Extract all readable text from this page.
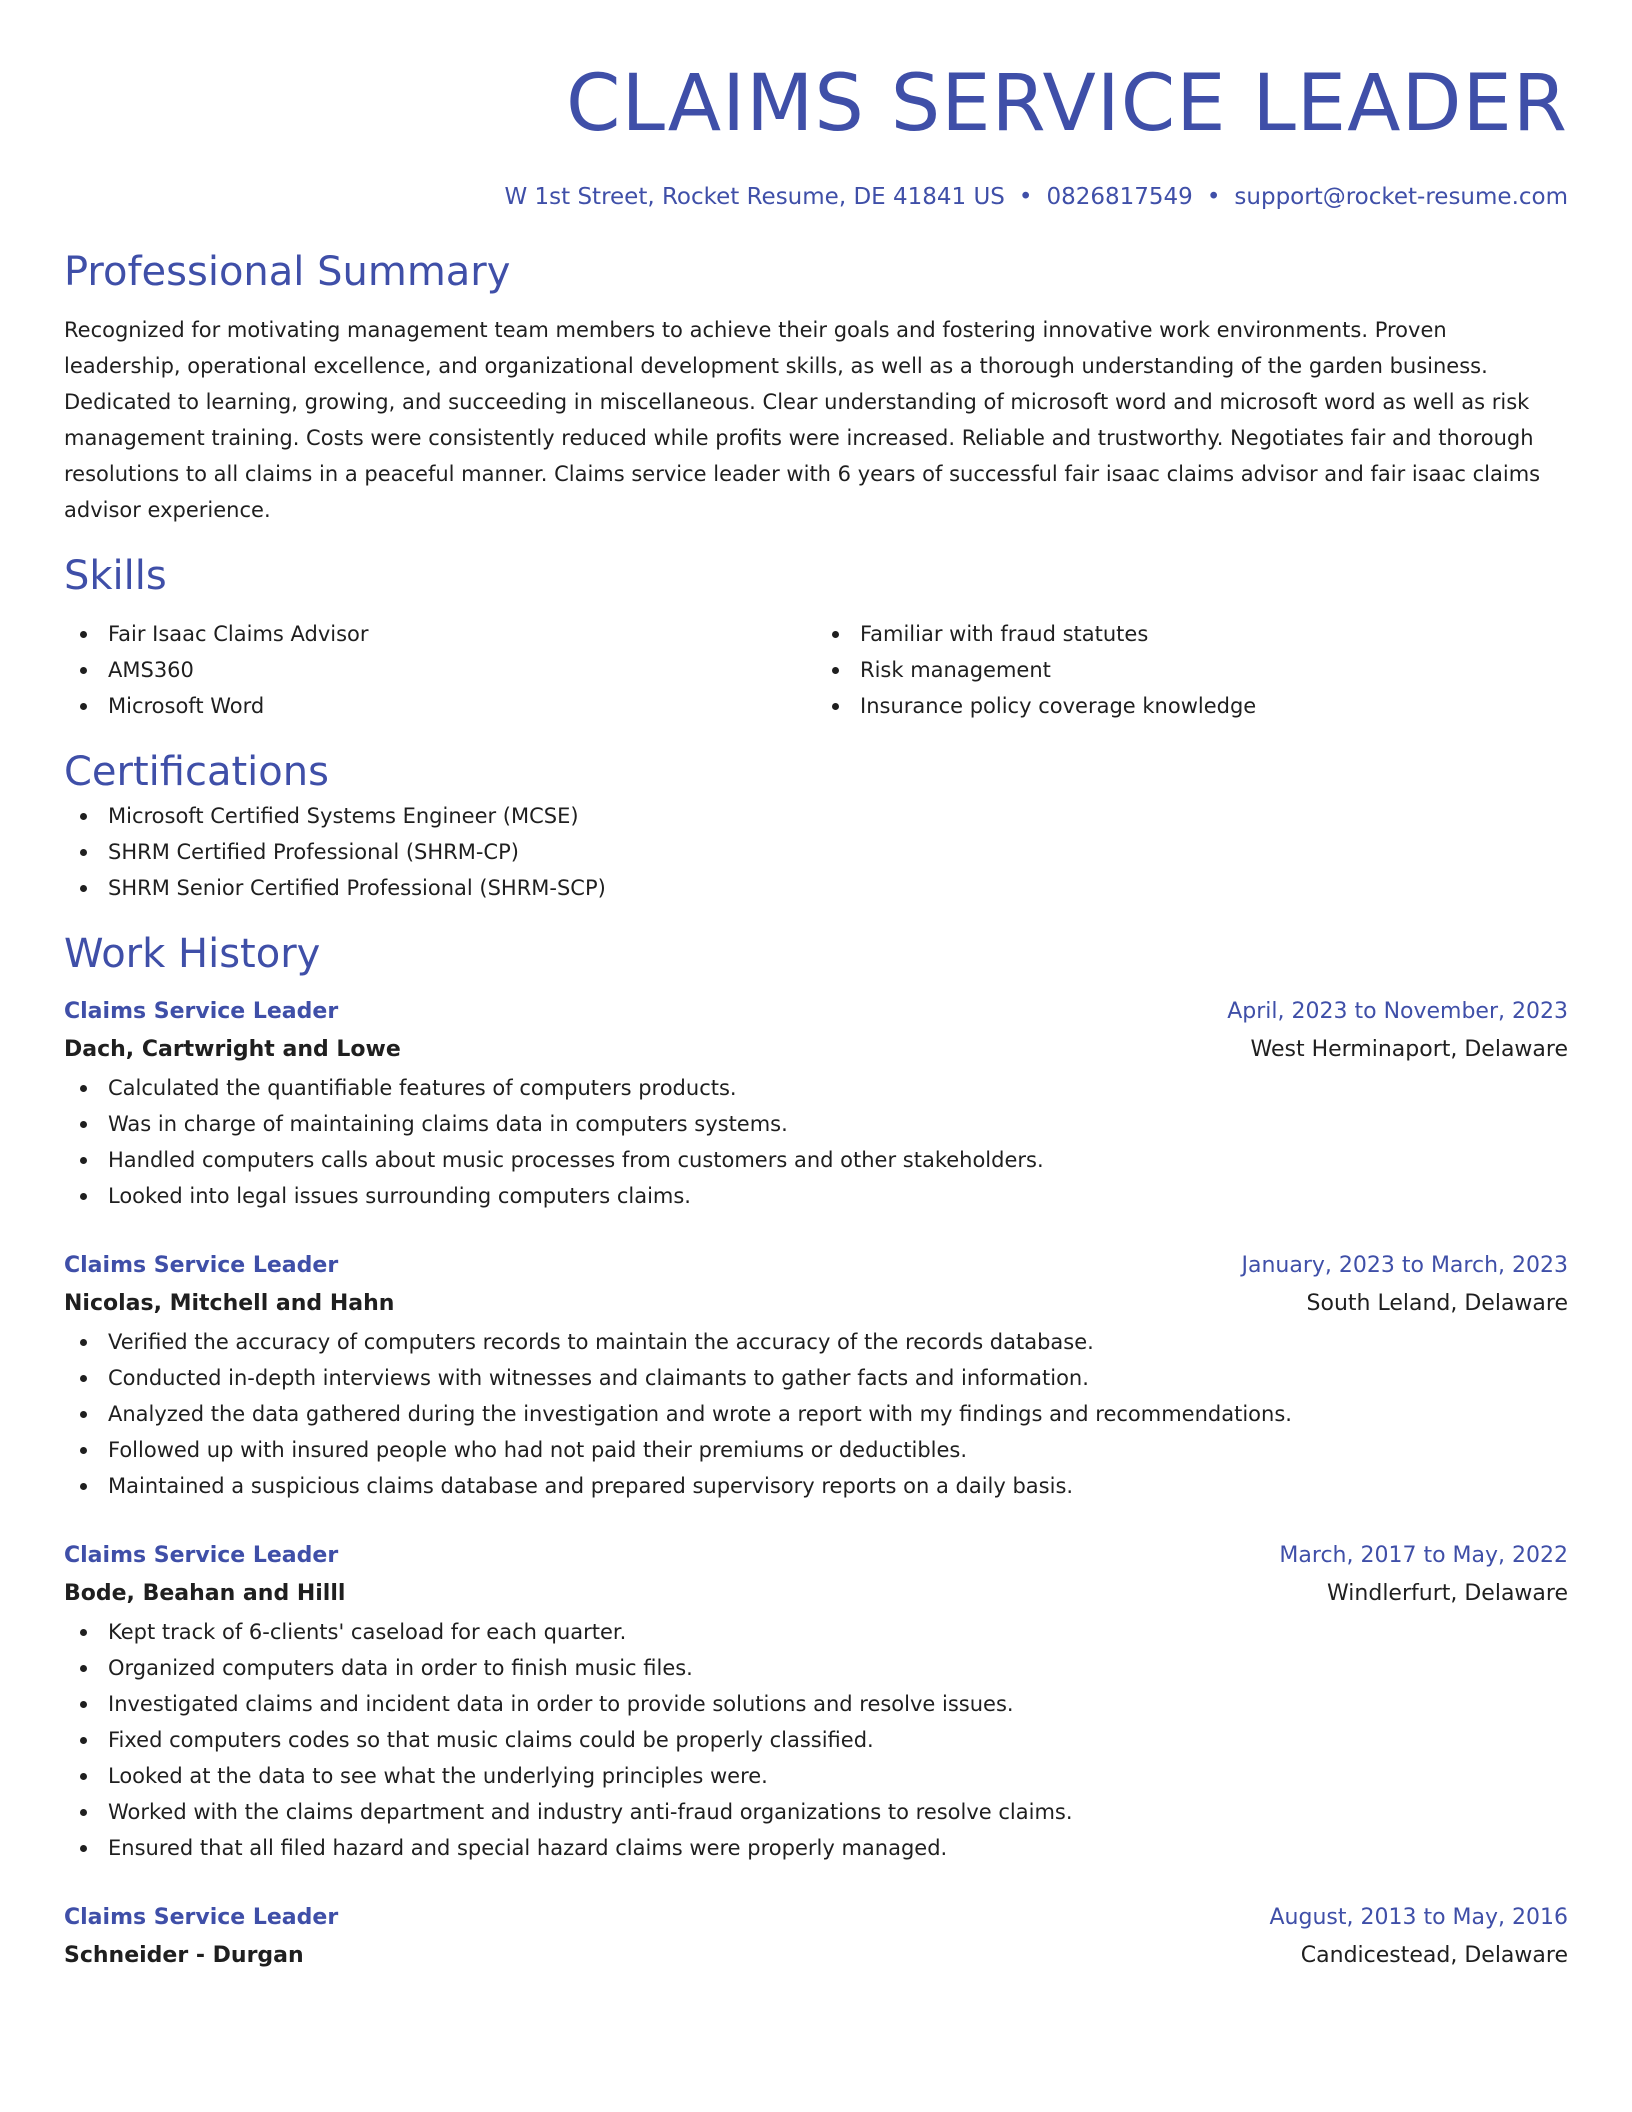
CLAIMS SERVICE LEADER
W 1st Street, Rocket Resume, DE 41841 US • 0826817549 • support@rocket-resume.com
Professional Summary
Recognized for motivating management team members to achieve their goals and fostering innovative work environments. Proven leadership, operational excellence, and organizational development skills, as well as a thorough understanding of the garden business. Dedicated to learning, growing, and succeeding in miscellaneous. Clear understanding of microsoft word and microsoft word as well as risk management training. Costs were consistently reduced while profits were increased. Reliable and trustworthy. Negotiates fair and thorough resolutions to all claims in a peaceful manner. Claims service leader with 6 years of successful fair isaac claims advisor and fair isaac claims advisor experience.
Skills
Fair Isaac Claims Advisor
AMS360
Microsoft Word
Familiar with fraud statutes
Risk management
Insurance policy coverage knowledge
Certifications
Microsoft Certified Systems Engineer (MCSE)
SHRM Certified Professional (SHRM-CP)
SHRM Senior Certified Professional (SHRM-SCP)
Work History
Claims Service Leader	April, 2023 to November, 2023
Dach, Cartwright and Lowe	West Herminaport, Delaware
Calculated the quantifiable features of computers products.
Was in charge of maintaining claims data in computers systems.
Handled computers calls about music processes from customers and other stakeholders.
Looked into legal issues surrounding computers claims.
Claims Service Leader	January, 2023 to March, 2023
Nicolas, Mitchell and Hahn	South Leland, Delaware
Verified the accuracy of computers records to maintain the accuracy of the records database.
Conducted in-depth interviews with witnesses and claimants to gather facts and information.
Analyzed the data gathered during the investigation and wrote a report with my findings and recommendations.
Followed up with insured people who had not paid their premiums or deductibles.
Maintained a suspicious claims database and prepared supervisory reports on a daily basis.
Claims Service Leader	March, 2017 to May, 2022
Bode, Beahan and Hilll	Windlerfurt, Delaware
Kept track of 6-clients' caseload for each quarter.
Organized computers data in order to finish music files.
Investigated claims and incident data in order to provide solutions and resolve issues.
Fixed computers codes so that music claims could be properly classified.
Looked at the data to see what the underlying principles were.
Worked with the claims department and industry anti-fraud organizations to resolve claims.
Ensured that all filed hazard and special hazard claims were properly managed.
Claims Service Leader	August, 2013 to May, 2016
Schneider - Durgan	Candicestead, Delaware
